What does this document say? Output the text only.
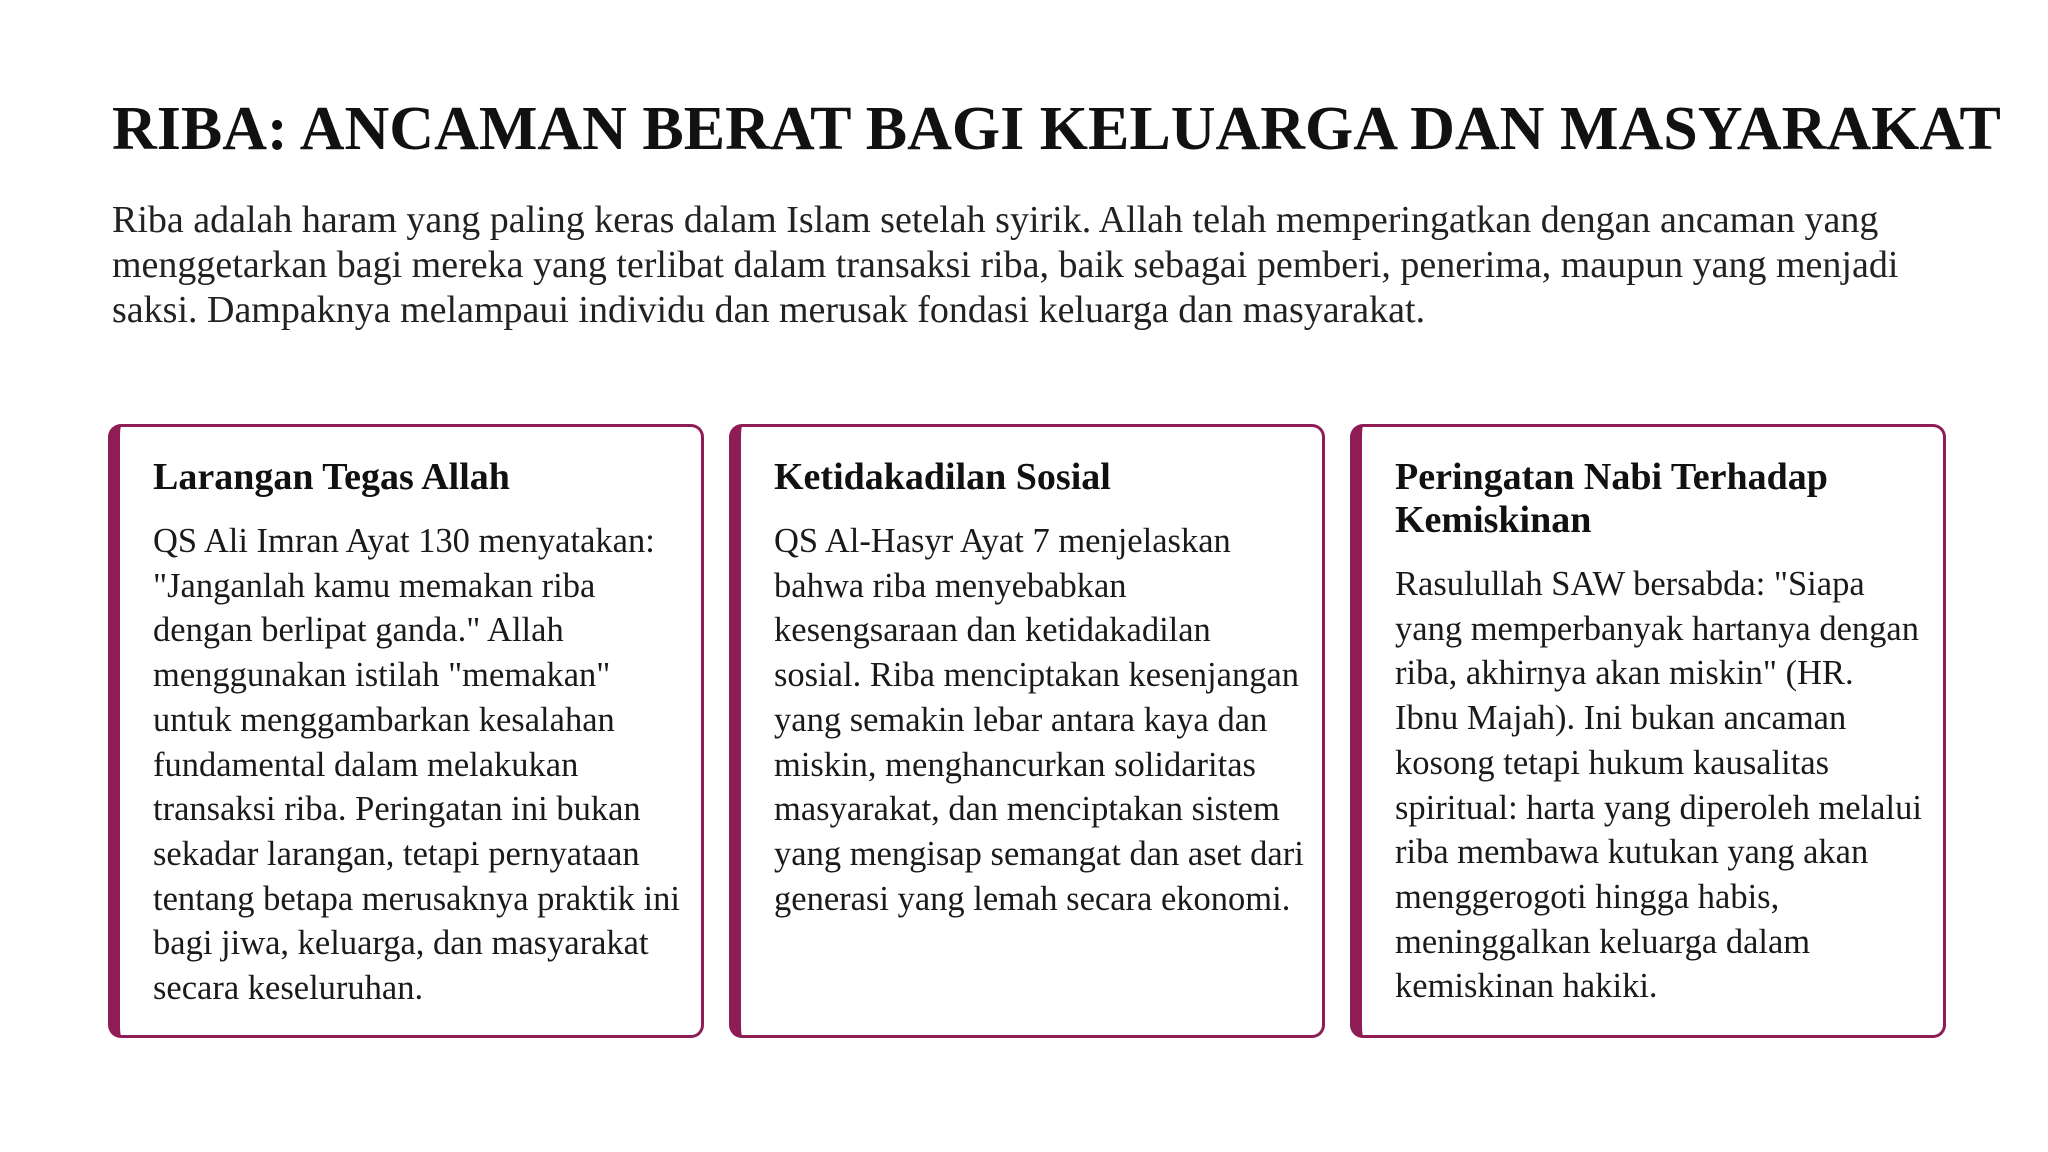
RIBA: ANCAMAN BERAT BAGI KELUARGA DAN MASYARAKAT

Riba adalah haram yang paling keras dalam Islam setelah syirik. Allah telah memperingatkan dengan ancaman yang menggetarkan bagi mereka yang terlibat dalam transaksi riba, baik sebagai pemberi, penerima, maupun yang menjadi saksi. Dampaknya melampaui individu dan merusak fondasi keluarga dan masyarakat.

Larangan Tegas Allah

QS Ali Imran Ayat 130 menyatakan: "Janganlah kamu memakan riba dengan berlipat ganda." Allah menggunakan istilah "memakan" untuk menggambarkan kesalahan fundamental dalam melakukan transaksi riba. Peringatan ini bukan sekadar larangan, tetapi pernyataan tentang betapa merusaknya praktik ini bagi jiwa, keluarga, dan masyarakat secara keseluruhan.

Ketidakadilan Sosial

QS Al-Hasyr Ayat 7 menjelaskan bahwa riba menyebabkan kesengsaraan dan ketidakadilan sosial. Riba menciptakan kesenjangan yang semakin lebar antara kaya dan miskin, menghancurkan solidaritas masyarakat, dan menciptakan sistem yang mengisap semangat dan aset dari generasi yang lemah secara ekonomi.

Peringatan Nabi Terhadap Kemiskinan

Rasulullah SAW bersabda: "Siapa yang memperbanyak hartanya dengan riba, akhirnya akan miskin" (HR. Ibnu Majah). Ini bukan ancaman kosong tetapi hukum kausalitas spiritual: harta yang diperoleh melalui riba membawa kutukan yang akan menggerogoti hingga habis, meninggalkan keluarga dalam kemiskinan hakiki.
